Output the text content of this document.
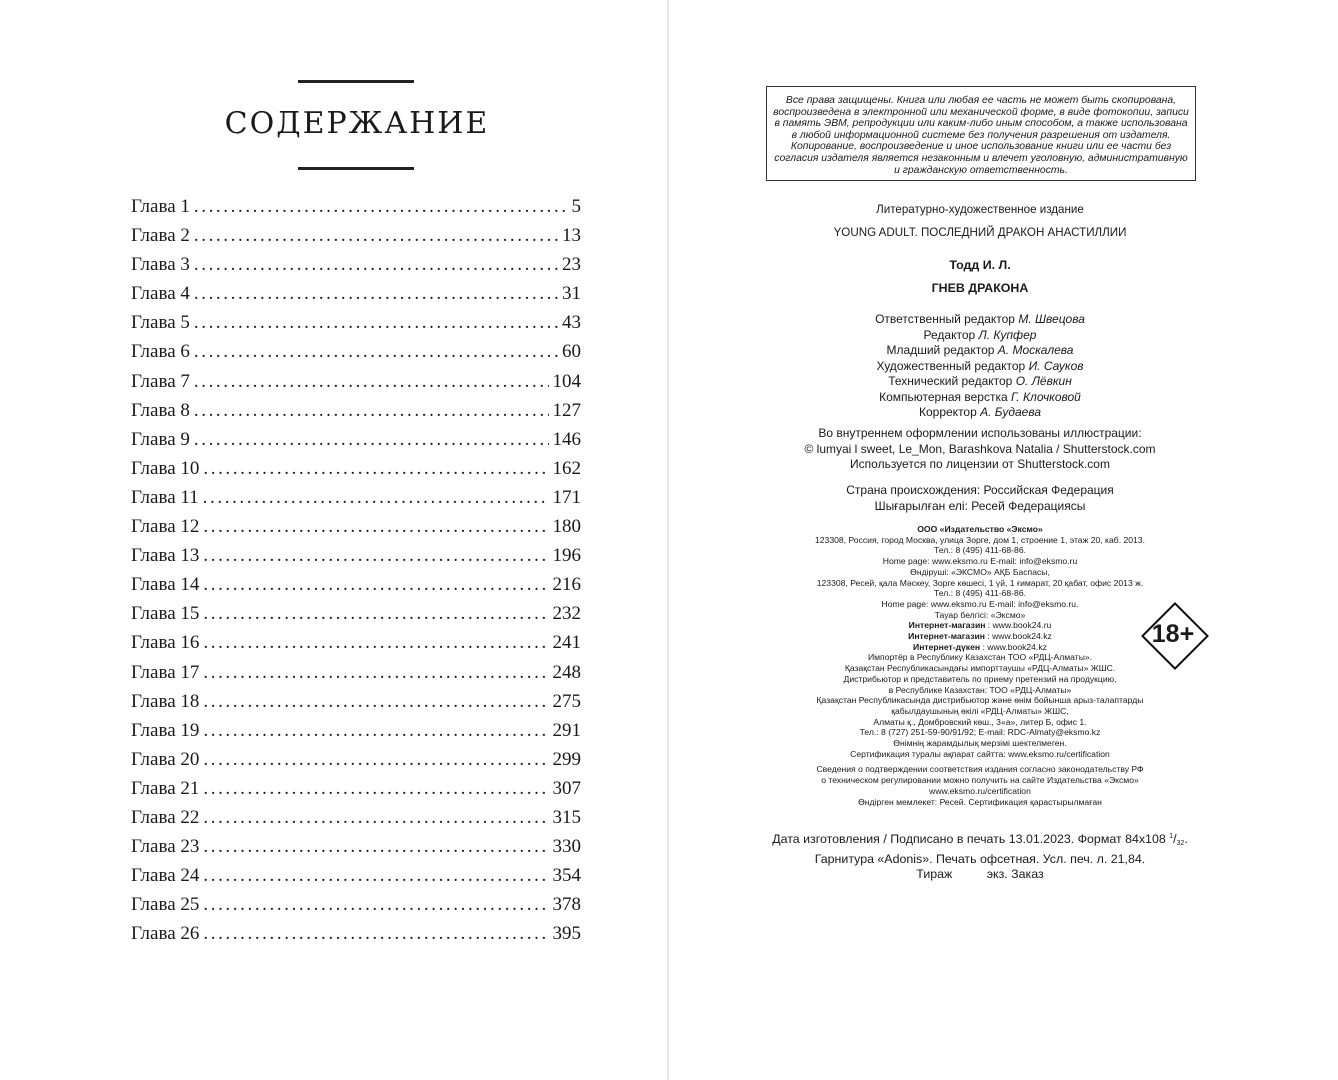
СОДЕРЖАНИЕ
Глава 1 .....	5
Глава 2 .....	13
Глава 3 .....	23
Глава 4 .....	31
Глава 5 .....	43
Глава 6 .....	60
Глава 7 .....	104
Глава 8 .....	127
Глава 9 .....	146
Глава 10 .....	162
Глава 11 .....	171
Глава 12 .....	180
Глава 13 .....	196
Глава 14 .....	216
Глава 15 .....	232
Глава 16 .....	241
Глава 17 .....	248
Глава 18 .....	275
Глава 19 .....	291
Глава 20 .....	299
Глава 21 .....	307
Глава 22 .....	315
Глава 23 .....	330
Глава 24 .....	354
Глава 25 .....	378
Глава 26 .....	395
Все права защищены. Книга или любая ее часть не может быть скопирована, воспроизведена в электронной или механической форме, в виде фотокопии, записи в память ЭВМ, репродукции или каким-либо иным способом, а также использована в любой информационной системе без получения разрешения от издателя. Копирование, воспроизведение и иное использование книги или ее части без согласия издателя является незаконным и влечет уголовную, административную и гражданскую ответственность.
Литературно-художественное издание
YOUNG ADULT. ПОСЛЕДНИЙ ДРАКОН АНАСТИЛЛИИ
Тодд И. Л.
ГНЕВ ДРАКОНА
Ответственный редактор М. Швецова
Редактор Л. Купфер
Младший редактор А. Москалева
Художественный редактор И. Сауков
Технический редактор О. Лёвкин
Компьютерная верстка Г. Клочковой
Корректор А. Будаева
Во внутреннем оформлении использованы иллюстрации:
© lumyai l sweet, Le_Mon, Barashkova Natalia / Shutterstock.com
Используется по лицензии от Shutterstock.com
Страна происхождения: Российская Федерация
Шығарылған елі: Ресей Федерациясы
ООО «Издательство «Эксмо»
123308, Россия, город Москва, улица Зорге, дом 1, строение 1, этаж 20, каб. 2013.
Тел.: 8 (495) 411-68-86.
Home page: www.eksmo.ru E-mail: info@eksmo.ru
Өндіруші: «ЭКСМО» АҚБ Баспасы,
123308, Ресей, қала Мәскеу, Зорге көшесі, 1 үй, 1 ғимарат, 20 қабат, офис 2013 ж.
Тел.: 8 (495) 411-68-86.
Home page: www.eksmo.ru E-mail: info@eksmo.ru.
Тауар белгісі: «Эксмо»
Интернет-магазин : www.book24.ru
Интернет-магазин : www.book24.kz
Интернет-дүкен : www.book24.kz
Импортёр в Республику Казахстан ТОО «РДЦ-Алматы».
Қазақстан Республикасындағы импорттаушы «РДЦ-Алматы» ЖШС.
Дистрибьютор и представитель по приему претензий на продукцию,
в Республике Казахстан: ТОО «РДЦ-Алматы»
Қазақстан Республикасында дистрибьютор және өнім бойынша арыз-талаптарды
қабылдаушының өкілі «РДЦ-Алматы» ЖШС,
Алматы қ., Домбровский көш., 3«а», литер Б, офис 1.
Тел.: 8 (727) 251-59-90/91/92; E-mail: RDC-Almaty@eksmo.kz
Өнімнің жарамдылық мерзімі шектелмеген.
Сертификация туралы ақпарат сайтта: www.eksmo.ru/certification
Сведения о подтверждении соответствия издания согласно законодательству РФ
о техническом регулировании можно получить на сайте Издательства «Эксмо»
www.eksmo.ru/certification
Өндірген мемлекет: Ресей. Сертификация қарастырылмаған
18+
Дата изготовления / Подписано в печать 13.01.2023. Формат 84x108 $^1/_{32}$.
Гарнитура «Adonis». Печать офсетная. Усл. печ. л. 21,84.
Тираж          экз. Заказ
